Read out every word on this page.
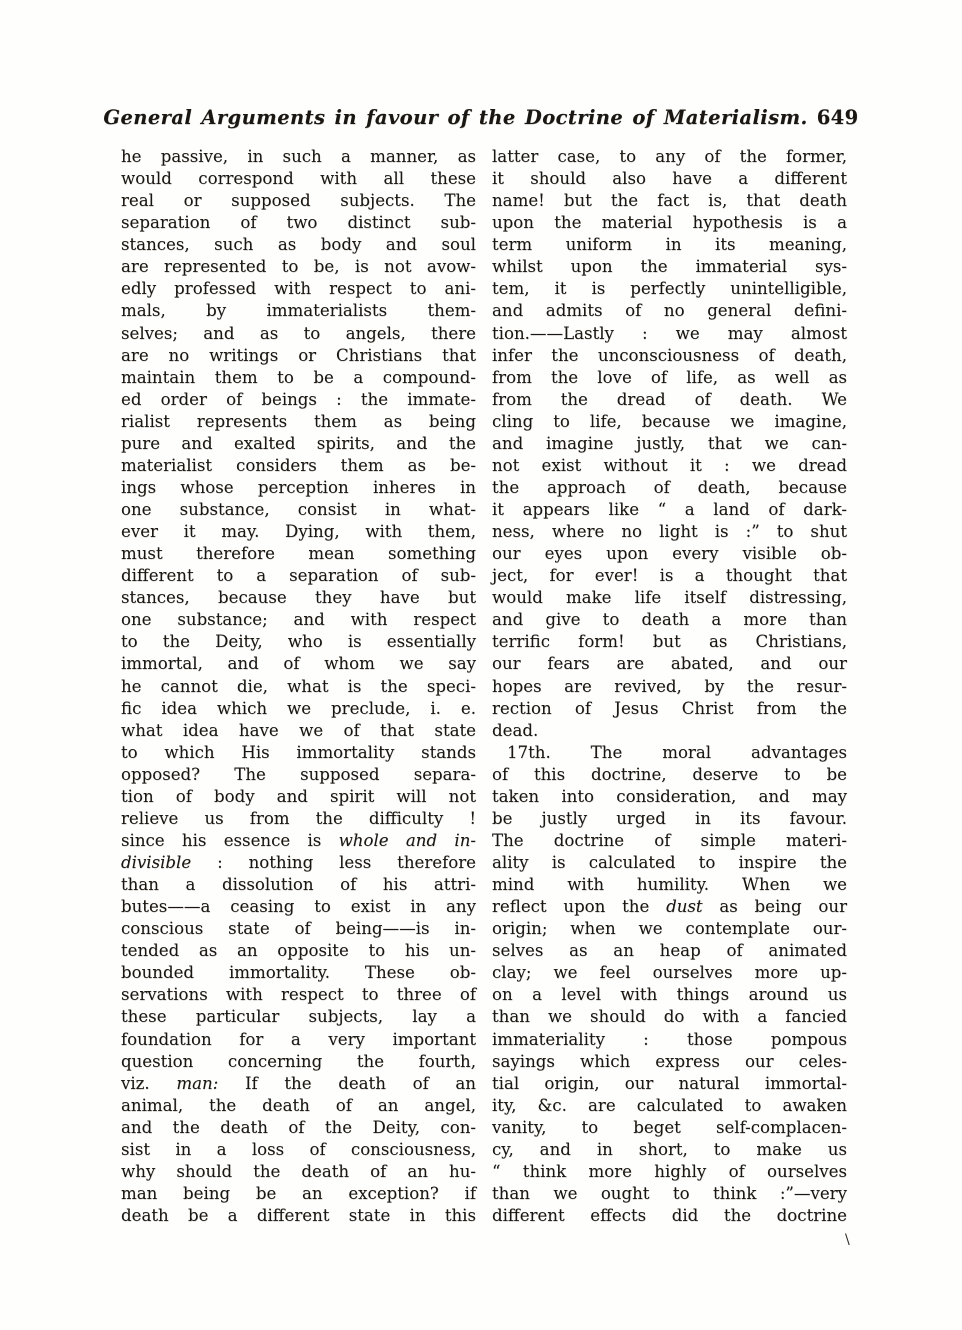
General Arguments in favour of the Doctrine of Materialism. 649
he passive, in such a manner, as
would correspond with all these
real or supposed subjects. The
separation of two distinct sub-
stances, such as body and soul
are represented to be, is not avow-
edly professed with respect to ani-
mals, by immaterialists them-
selves; and as to angels, there
are no writings or Christians that
maintain them to be a compound-
ed order of beings : the immate-
rialist represents them as being
pure and exalted spirits, and the
materialist considers them as be-
ings whose perception inheres in
one substance, consist in what-
ever it may. Dying, with them,
must therefore mean something
different to a separation of sub-
stances, because they have but
one substance; and with respect
to the Deity, who is essentially
immortal, and of whom we say
he cannot die, what is the speci-
fic idea which we preclude, i. e.
what idea have we of that state
to which His immortality stands
opposed? The supposed separa-
tion of body and spirit will not
relieve us from the difficulty !
since his essence is whole and in-
divisible : nothing less therefore
than a dissolution of his attri-
butes——a ceasing to exist in any
conscious state of being——is in-
tended as an opposite to his un-
bounded immortality. These ob-
servations with respect to three of
these particular subjects, lay a
foundation for a very important
question concerning the fourth,
viz. man: If the death of an
animal, the death of an angel,
and the death of the Deity, con-
sist in a loss of consciousness,
why should the death of an hu-
man being be an exception? if
death be a different state in this
latter case, to any of the former,
it should also have a different
name! but the fact is, that death
upon the material hypothesis is a
term uniform in its meaning,
whilst upon the immaterial sys-
tem, it is perfectly unintelligible,
and admits of no general defini-
tion.——Lastly : we may almost
infer the unconsciousness of death,
from the love of life, as well as
from the dread of death. We
cling to life, because we imagine,
and imagine justly, that we can-
not exist without it : we dread
the approach of death, because
it appears like “ a land of dark-
ness, where no light is :” to shut
our eyes upon every visible ob-
ject, for ever! is a thought that
would make life itself distressing,
and give to death a more than
terrific form! but as Christians,
our fears are abated, and our
hopes are revived, by the resur-
rection of Jesus Christ from the
dead.
17th. The moral advantages
of this doctrine, deserve to be
taken into consideration, and may
be justly urged in its favour.
The doctrine of simple materi-
ality is calculated to inspire the
mind with humility. When we
reflect upon the dust as being our
origin; when we contemplate our-
selves as an heap of animated
clay; we feel ourselves more up-
on a level with things around us
than we should do with a fancied
immateriality : those pompous
sayings which express our celes-
tial origin, our natural immortal-
ity, &c. are calculated to awaken
vanity, to beget self-complacen-
cy, and in short, to make us
“ think more highly of ourselves
than we ought to think :”—very
different effects did the doctrine
\
